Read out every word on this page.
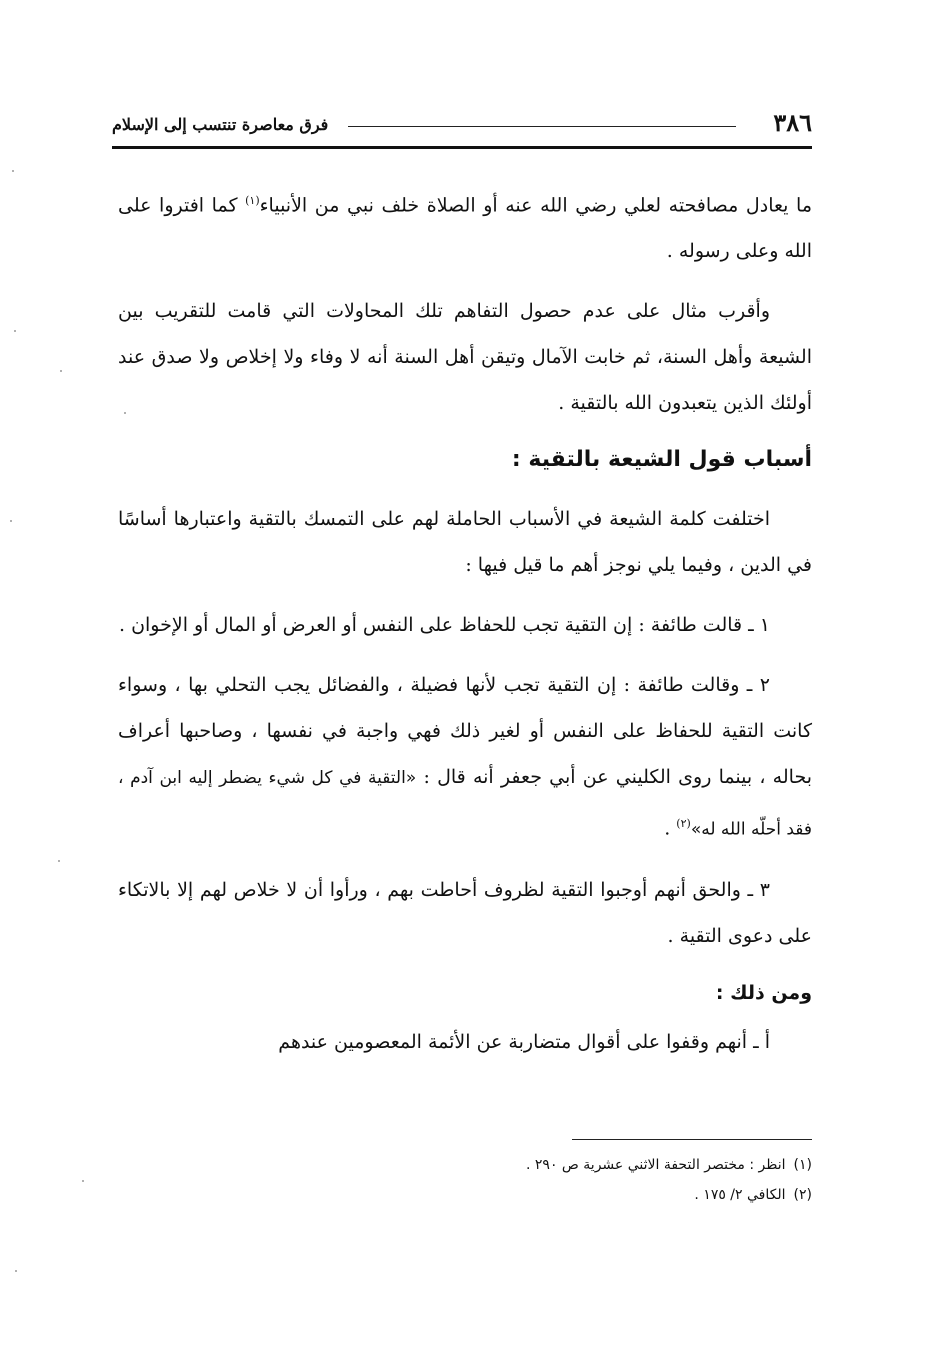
٣٨٦
فرق معاصرة تنتسب إلى الإسلام

ما يعادل مصافحته لعلي رضي الله عنه أو الصلاة خلف نبي من الأنبياء$^{(١)}$ كما افتروا على الله وعلى رسوله .

وأقرب مثال على عدم حصول التفاهم تلك المحاولات التي قامت للتقريب بين الشيعة وأهل السنة، ثم خابت الآمال وتيقن أهل السنة أنه لا وفاء ولا إخلاص ولا صدق عند أولئك الذين يتعبدون الله بالتقية .

أسباب قول الشيعة بالتقية :

اختلفت كلمة الشيعة في الأسباب الحاملة لهم على التمسك بالتقية واعتبارها أساسًا في الدين ، وفيما يلي نوجز أهم ما قيل فيها :

١ ـ قالت طائفة : إن التقية تجب للحفاظ على النفس أو العرض أو المال أو الإخوان .

٢ ـ وقالت طائفة : إن التقية تجب لأنها فضيلة ، والفضائل يجب التحلي بها ، وسواء كانت التقية للحفاظ على النفس أو لغير ذلك فهي واجبة في نفسها ، وصاحبها أعراف بحاله ، بينما روى الكليني عن أبي جعفر أنه قال : «التقية في كل شيء يضطر إليه ابن آدم ، فقد أحلّه الله له»$^{(٢)}$ .

٣ ـ والحق أنهم أوجبوا التقية لظروف أحاطت بهم ، ورأوا أن لا خلاص لهم إلا بالاتكاء على دعوى التقية .

ومن ذلك :

أ ـ أنهم وقفوا على أقوال متضاربة عن الأئمة المعصومين عندهم

(١)انظر : مختصر التحفة الاثني عشرية ص ٢٩٠ .

(٢)الكافي ٢/ ١٧٥ .
